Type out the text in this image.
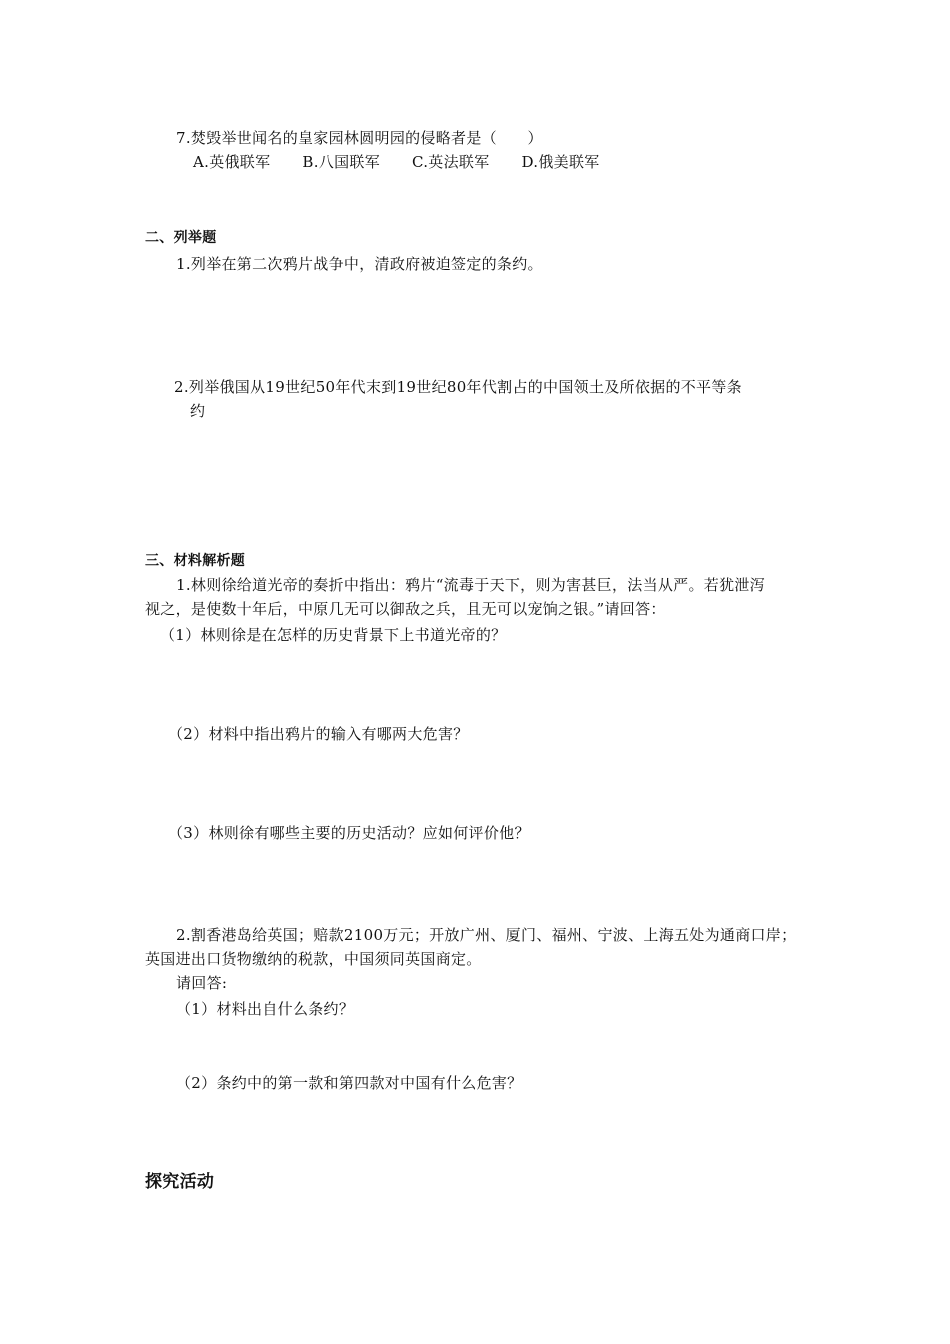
7.焚毁举世闻名的皇家园林圆明园的侵略者是（　　）
A.英俄联军 B.八国联军 C.英法联军 D.俄美联军
二、列举题
1.列举在第二次鸦片战争中，清政府被迫签定的条约。
2.列举俄国从19世纪50年代末到19世纪80年代割占的中国领土及所依据的不平等条
约
三、材料解析题
1.林则徐给道光帝的奏折中指出：鸦片“流毒于天下，则为害甚巨，法当从严。若犹泄泻
视之，是使数十年后，中原几无可以御敌之兵，且无可以宠饷之银。”请回答：
（1）林则徐是在怎样的历史背景下上书道光帝的？
（2）材料中指出鸦片的输入有哪两大危害？
（3）林则徐有哪些主要的历史活动？应如何评价他？
2.割香港岛给英国；赔款2100万元；开放广州、厦门、福州、宁波、上海五处为通商口岸；
英国进出口货物缴纳的税款，中国须同英国商定。
请回答:
（1）材料出自什么条约？
（2）条约中的第一款和第四款对中国有什么危害？
探究活动
